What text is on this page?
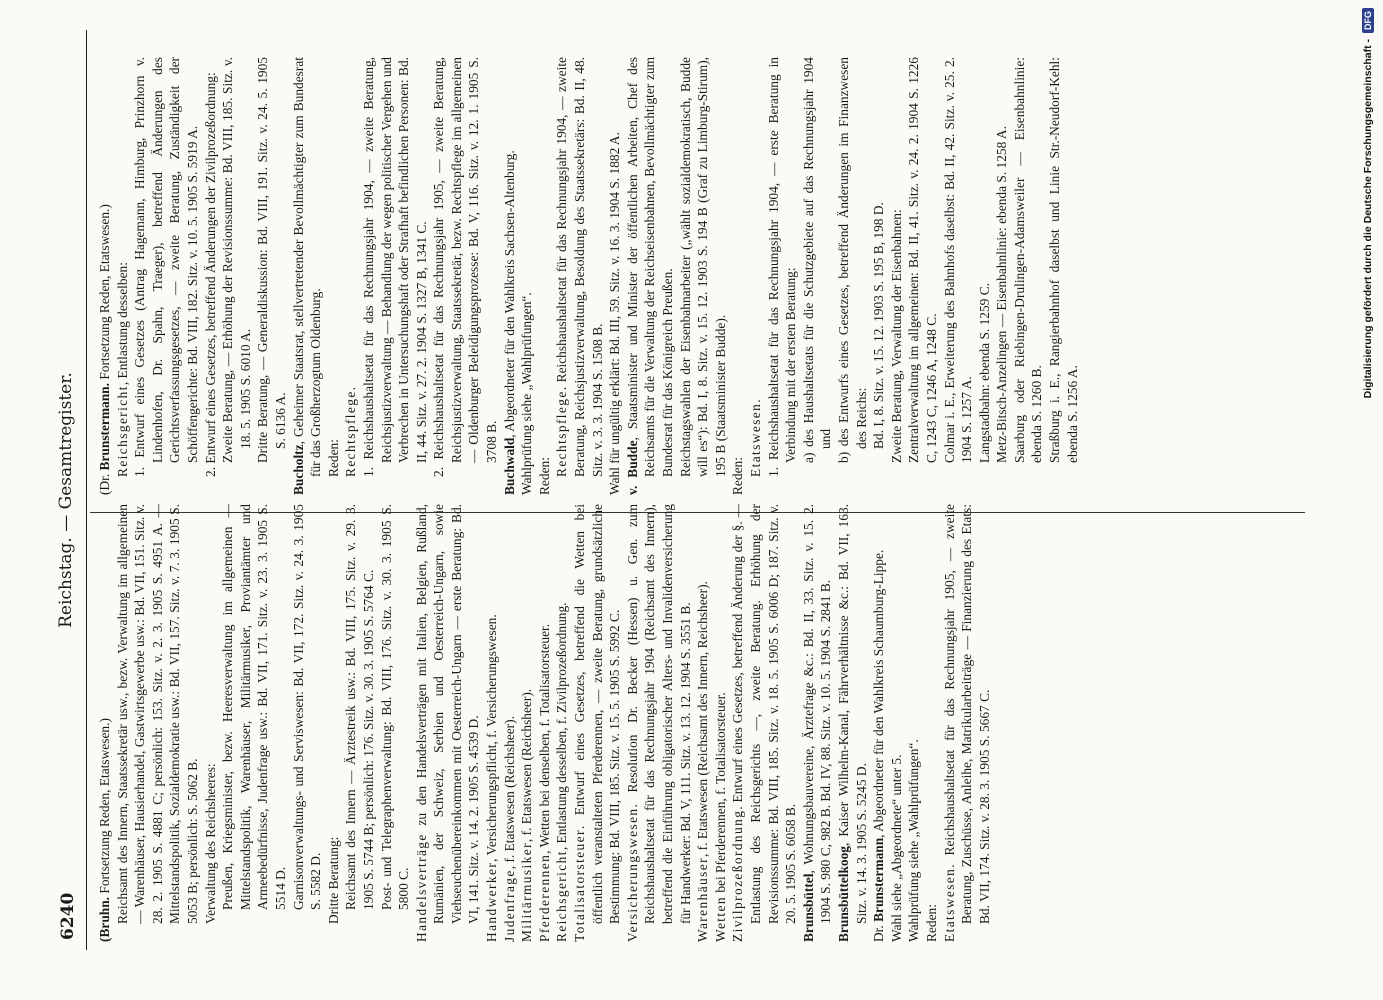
6240
Reichstag. — Gesamtregister.

(Bruhn. Fortsetzung Reden, Etatswesen.) Reichsamt des Innern, Staatssekretär usw., bezw. Verwaltung im allgemeinen — Warenhäuser, Hausierhandel, Gastwirtsgewerbe usw.: Bd. VII, 151. Sitz. v. 28. 2. 1905 S. 4881 C; persönlich: 153. Sitz. v. 2. 3. 1905 S. 4951 A. — Mittelstandspolitik, Sozialdemokratie usw.: Bd. VII, 157. Sitz. v. 7. 3. 1905 S. 5053 B; persönlich: S. 5062 B. Verwaltung des Reichsheeres: Preußen, Kriegsminister, bezw. Heeresverwaltung im allgemeinen — Mittelstandspolitik, Warenhäuser, Militärmusiker, Proviantämter und Armeebedürfnisse, Judenfrage usw.: Bd. VII, 171. Sitz. v. 23. 3. 1905 S. 5514 D. Garnisonverwaltungs- und Serviswesen: Bd. VII, 172. Sitz. v. 24. 3. 1905 S. 5582 D. Dritte Beratung: Reichsamt des Innern — Ärztestreik usw.: Bd. VIII, 175. Sitz. v. 29. 3. 1905 S. 5744 B; persönlich: 176. Sitz. v. 30. 3. 1905 S. 5764 C. Post- und Telegraphenverwaltung: Bd. VIII, 176. Sitz. v. 30. 3. 1905 S. 5800 C. Handelsverträge zu den Handelsverträgen mit Italien, Belgien, Rußland, Rumänien, der Schweiz, Serbien und Oesterreich-Ungarn, sowie Viehseuchenübereinkommen mit Oesterreich-Ungarn — erste Beratung: Bd. VI, 141. Sitz. v. 14. 2. 1905 S. 4539 D. Handwerker, Versicherungspflicht, f. Versicherungswesen.

Judenfrage, f. Etatswesen (Reichsheer).

Militärmusiker, f. Etatswesen (Reichsheer).

Pferderennen, Wetten bei denselben, f. Totalisatorsteuer.

Reichsgericht, Entlastung desselben, f. Zivilprozeßordnung.

Totalisatorsteuer. Entwurf eines Gesetzes, betreffend die Wetten bei öffentlich veranstalteten Pferderennen, — zweite Beratung, grundsätzliche Bestimmung: Bd. VIII, 185. Sitz. v. 15. 5. 1905 S. 5992 C. Versicherungswesen. Resolution Dr. Becker (Hessen) u. Gen. zum Reichshaushaltsetat für das Rechnungsjahr 1904 (Reichsamt des Innern), betreffend die Einführung obligatorischer Alters- und Invalidenversicherung für Handwerker: Bd. V, 111. Sitz. v. 13. 12. 1904 S. 3551 B. Warenhäuser, f. Etatswesen (Reichsamt des Innern, Reichsheer).

Wetten bei Pferderennen, f. Totalisatorsteuer. Zivilprozeßordnung. Entwurf eines Gesetzes, betreffend Änderung der §. — Entlastung des Reichsgerichts —, zweite Beratung. Erhöhung der Revisionssumme: Bd. VIII, 185. Sitz. v. 18. 5. 1905 S. 6006 D; 187. Sitz. v. 20. 5. 1905 S. 6058 B. Brunsbüttel, Wohnungsbauvereine, Ärztefrage &c.: Bd. II, 33. Sitz. v. 15. 2. 1904 S. 980 C, 982 B. Bd. IV, 88. Sitz. v. 10. 5. 1904 S. 2841 B. Brunsbüttelkoog, Kaiser Wilhelm-Kanal, Fährverhältnisse &c.: Bd. VII, 163. Sitz. v. 14. 3. 1905 S. 5245 D.

Dr. Brunstermann, Abgeordneter für den Wahlkreis Schaumburg-Lippe.

Wahl siehe „Abgeordnete“ unter 5. Wahlprüfung siehe „Wahlprüfungen“. Reden: Etatswesen. Reichshaushaltsetat für das Rechnungsjahr 1905, — zweite Beratung, Zuschüsse, Anleihe, Matrikularbeiträge — Finanzierung des Etats: Bd. VII, 174. Sitz. v. 28. 3. 1905 S. 5667 C.

(Dr. Brunstermann. Fortsetzung Reden, Etatswesen.)

Reichsgericht, Entlastung desselben: 1. Entwurf eines Gesetzes (Antrag Hagemann, Himburg, Prinzhorn v. Lindenhofen, Dr. Spahn, Traeger), betreffend Änderungen des Gerichtsverfassungsgesetzes, — zweite Beratung, Zuständigkeit der Schöffengerichte: Bd. VIII, 182. Sitz. v. 10. 5. 1905 S. 5919 A. 2. Entwurf eines Gesetzes, betreffend Änderungen der Zivilprozeßordnung: Zweite Beratung, — Erhöhung der Revisionssumme: Bd. VIII, 185. Sitz. v. 18. 5. 1905 S. 6010 A. Dritte Beratung, — Generaldiskussion: Bd. VIII, 191. Sitz. v. 24. 5. 1905 S. 6136 A.

Bucholtz, Geheimer Staatsrat, stellvertretender Bevollmächtigter zum Bundesrat für das Großherzogtum Oldenburg. Reden: Rechtspflege. 1. Reichshaushaltsetat für das Rechnungsjahr 1904, — zweite Beratung, Reichsjustizverwaltung — Behandlung der wegen politischer Vergehen und Verbrechen in Untersuchungshaft oder Strafhaft befindlichen Personen: Bd. II, 44. Sitz. v. 27. 2. 1904 S. 1327 B, 1341 C. 2. Reichshaushaltsetat für das Rechnungsjahr 1905, — zweite Beratung, Reichsjustizverwaltung, Staatssekretär, bezw. Rechtspflege im allgemeinen — Oldenburger Beleidigungsprozesse: Bd. V, 116. Sitz. v. 12. 1. 1905 S. 3708 B. Buchwald, Abgeordneter für den Wahlkreis Sachsen-Altenburg. Wahlprüfung siehe „Wahlprüfungen“. Reden: Rechtspflege. Reichshaushaltsetat für das Rechnungsjahr 1904, — zweite Beratung, Reichsjustizverwaltung, Besoldung des Staatssekretärs: Bd. II, 48. Sitz. v. 3. 3. 1904 S. 1508 B. Wahl für ungültig erklärt: Bd. III, 59. Sitz. v. 16. 3. 1904 S. 1882 A. v. Budde, Staatsminister und Minister der öffentlichen Arbeiten, Chef des Reichsamts für die Verwaltung der Reichseisenbahnen, Bevollmächtigter zum Bundesrat für das Königreich Preußen. Reichstagswahlen der Eisenbahnarbeiter („wählt sozialdemokratisch, Budde will es“): Bd. I, 8. Sitz. v. 15. 12. 1903 S. 194 B (Graf zu Limburg-Stirum), 195 B (Staatsminister Budde). Reden: Etatswesen. 1. Reichshaushaltsetat für das Rechnungsjahr 1904, — erste Beratung in Verbindung mit der ersten Beratung: a) des Haushaltsetats für die Schutzgebiete auf das Rechnungsjahr 1904 und b) des Entwurfs eines Gesetzes, betreffend Änderungen im Finanzwesen des Reichs: Bd. I, 8. Sitz. v. 15. 12. 1903 S. 195 B, 198 D. Zweite Beratung, Verwaltung der Eisenbahnen: Zentralverwaltung im allgemeinen: Bd. II, 41. Sitz. v. 24. 2. 1904 S. 1226 C, 1243 C, 1246 A, 1248 C. Colmar i. E., Erweiterung des Bahnhofs daselbst: Bd. II, 42. Sitz. v. 25. 2. 1904 S. 1257 A. Langstadbahn: ebenda S. 1259 C. Metz-Bitsch-Anzelingen — Eisenbahnlinie: ebenda S. 1258 A. Saarburg oder Riebingen-Drulingen-Adamsweiler — Eisenbahnlinie: ebenda S. 1260 B. Straßburg i. E., Rangierbahnhof daselbst und Linie Str.-Neudorf-Kehl: ebenda S. 1256 A.

Digitalisierung gefördert durch die Deutsche Forschungsgemeinschaft -
DFG
